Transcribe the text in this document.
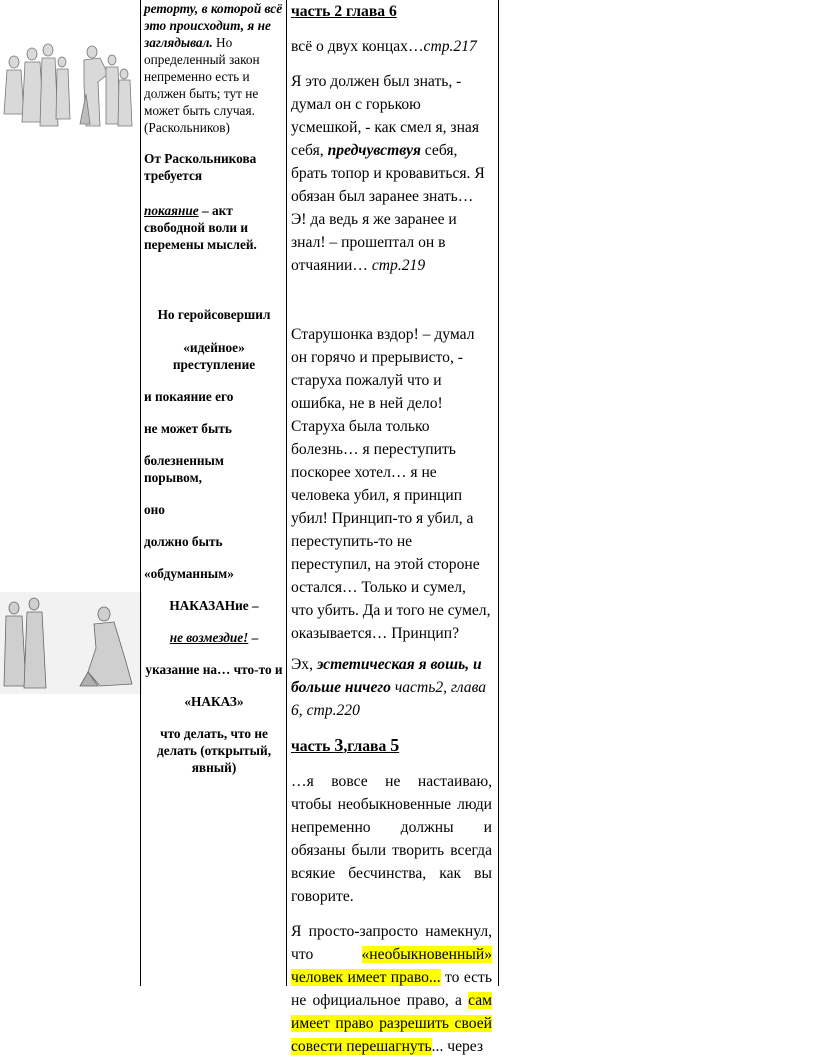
реторту, в которой всё это происходит, я не заглядывал. Но определенный закон непременно есть и должен быть; тут не может быть случая. (Раскольников)

От Раскольникова требуется

покаяние – акт свободной воли и перемены мыслей.

Но геройсовершил

«идейное» преступление

и покаяние его

не может быть

болезненным порывом,

оно

должно быть

«обдуманным»

НАКАЗАНие –

не возмездие! –

указание на… что-то и

«НАКАЗ»

что делать, что не делать (открытый, явный)

часть 2 глава 6

всё о двух концах…стр.217

Я это должен был знать, - думал он с горькою усмешкой, - как смел я, зная себя, предчувствуя себя, брать топор и кровавиться. Я обязан был заранее знать… Э! да ведь я же заранее и знал! – прошептал он в отчаянии… стр.219

Старушонка вздор! – думал он горячо и прерывисто, - старуха пожалуй что и ошибка, не в ней дело! Старуха была только болезнь… я переступить поскорее хотел… я не человека убил, я принцип убил! Принцип-то я убил, а переступить-то не переступил, на этой стороне остался… Только и сумел, что убить. Да и того не сумел, оказывается… Принцип?

Эх, эстетическая я вошь, и больше ничего часть2, глава 6, стр.220

часть 3,глава 5

…я вовсе не настаиваю, чтобы необыкновенные люди непременно должны и обязаны были творить всегда всякие бесчинства, как вы говорите.

Я просто-запросто намекнул, что «необыкновенный» человек имеет право... то есть не официальное право, а сам имеет право разрешить своей совести перешагнуть... через
